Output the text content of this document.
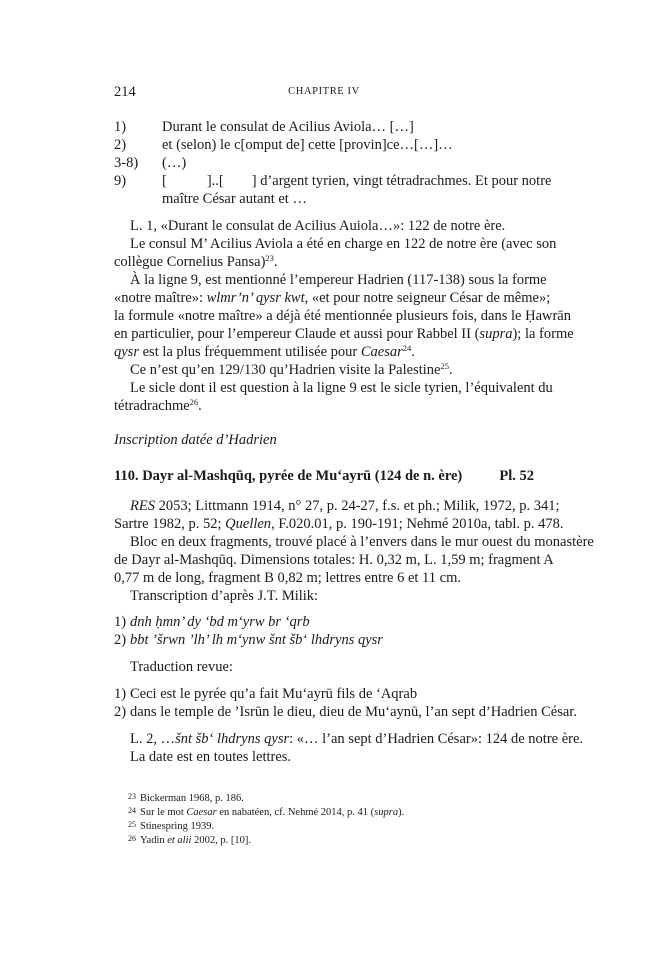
214	CHAPITRE IV
1) Durant le consulat de Acilius Aviola… […]
2) et (selon) le c[omput de] cette [provin]ce…[…]…
3-8) (…)
9) [	]..[ ] d’argent tyrien, vingt tétradrachmes. Et pour notre
maître César autant et …
L. 1, «Durant le consulat de Acilius Auiola…»: 122 de notre ère.
Le consul M’ Acilius Aviola a été en charge en 122 de notre ère (avec son
collègue Cornelius Pansa)$^{23}$.
À la ligne 9, est mentionné l’empereur Hadrien (117-138) sous la forme
«notre maître»: wlmr’n’ qysr kwt, «et pour notre seigneur César de même»;
la formule «notre maître» a déjà été mentionnée plusieurs fois, dans le Ḥawrān
en particulier, pour l’empereur Claude et aussi pour Rabbel II (supra); la forme
qysr est la plus fréquemment utilisée pour Caesar$^{24}$.
Ce n’est qu’en 129/130 qu’Hadrien visite la Palestine$^{25}$.
Le sicle dont il est question à la ligne 9 est le sicle tyrien, l’équivalent du
tétradrachme$^{26}$.
Inscription datée d’Hadrien
110. Dayr al-Mashqūq, pyrée de Mu‘ayrū (124 de n. ère)	Pl. 52
RES 2053; Littmann 1914, n° 27, p. 24-27, f.s. et ph.; Milik, 1972, p. 341;
Sartre 1982, p. 52; Quellen, F.020.01, p. 190-191; Nehmé 2010a, tabl. p. 478.
Bloc en deux fragments, trouvé placé à l’envers dans le mur ouest du monastère
de Dayr al-Mashqūq. Dimensions totales: H. 0,32 m, L. 1,59 m; fragment A
0,77 m de long, fragment B 0,82 m; lettres entre 6 et 11 cm.
Transcription d’après J.T. Milik:
1) dnh ḥmn’ dy ‘bd m‘yrw br ‘qrb
2) bbt ’šrwn ’lh’ lh m‘ynw šnt šb‘ lhdryns qysr
Traduction revue:
1) Ceci est le pyrée qu’a fait Mu‘ayrū fils de ‘Aqrab
2) dans le temple de ’Isrūn le dieu, dieu de Mu‘aynū, l’an sept d’Hadrien César.
L. 2, …šnt šb‘ lhdryns qysr: «… l’an sept d’Hadrien César»: 124 de notre ère.
La date est en toutes lettres.
23 Bickerman 1968, p. 186.
24 Sur le mot Caesar en nabatéen, cf. Nehmé 2014, p. 41 (supra).
25 Stinespring 1939.
26 Yadin et alii 2002, p. [10].
